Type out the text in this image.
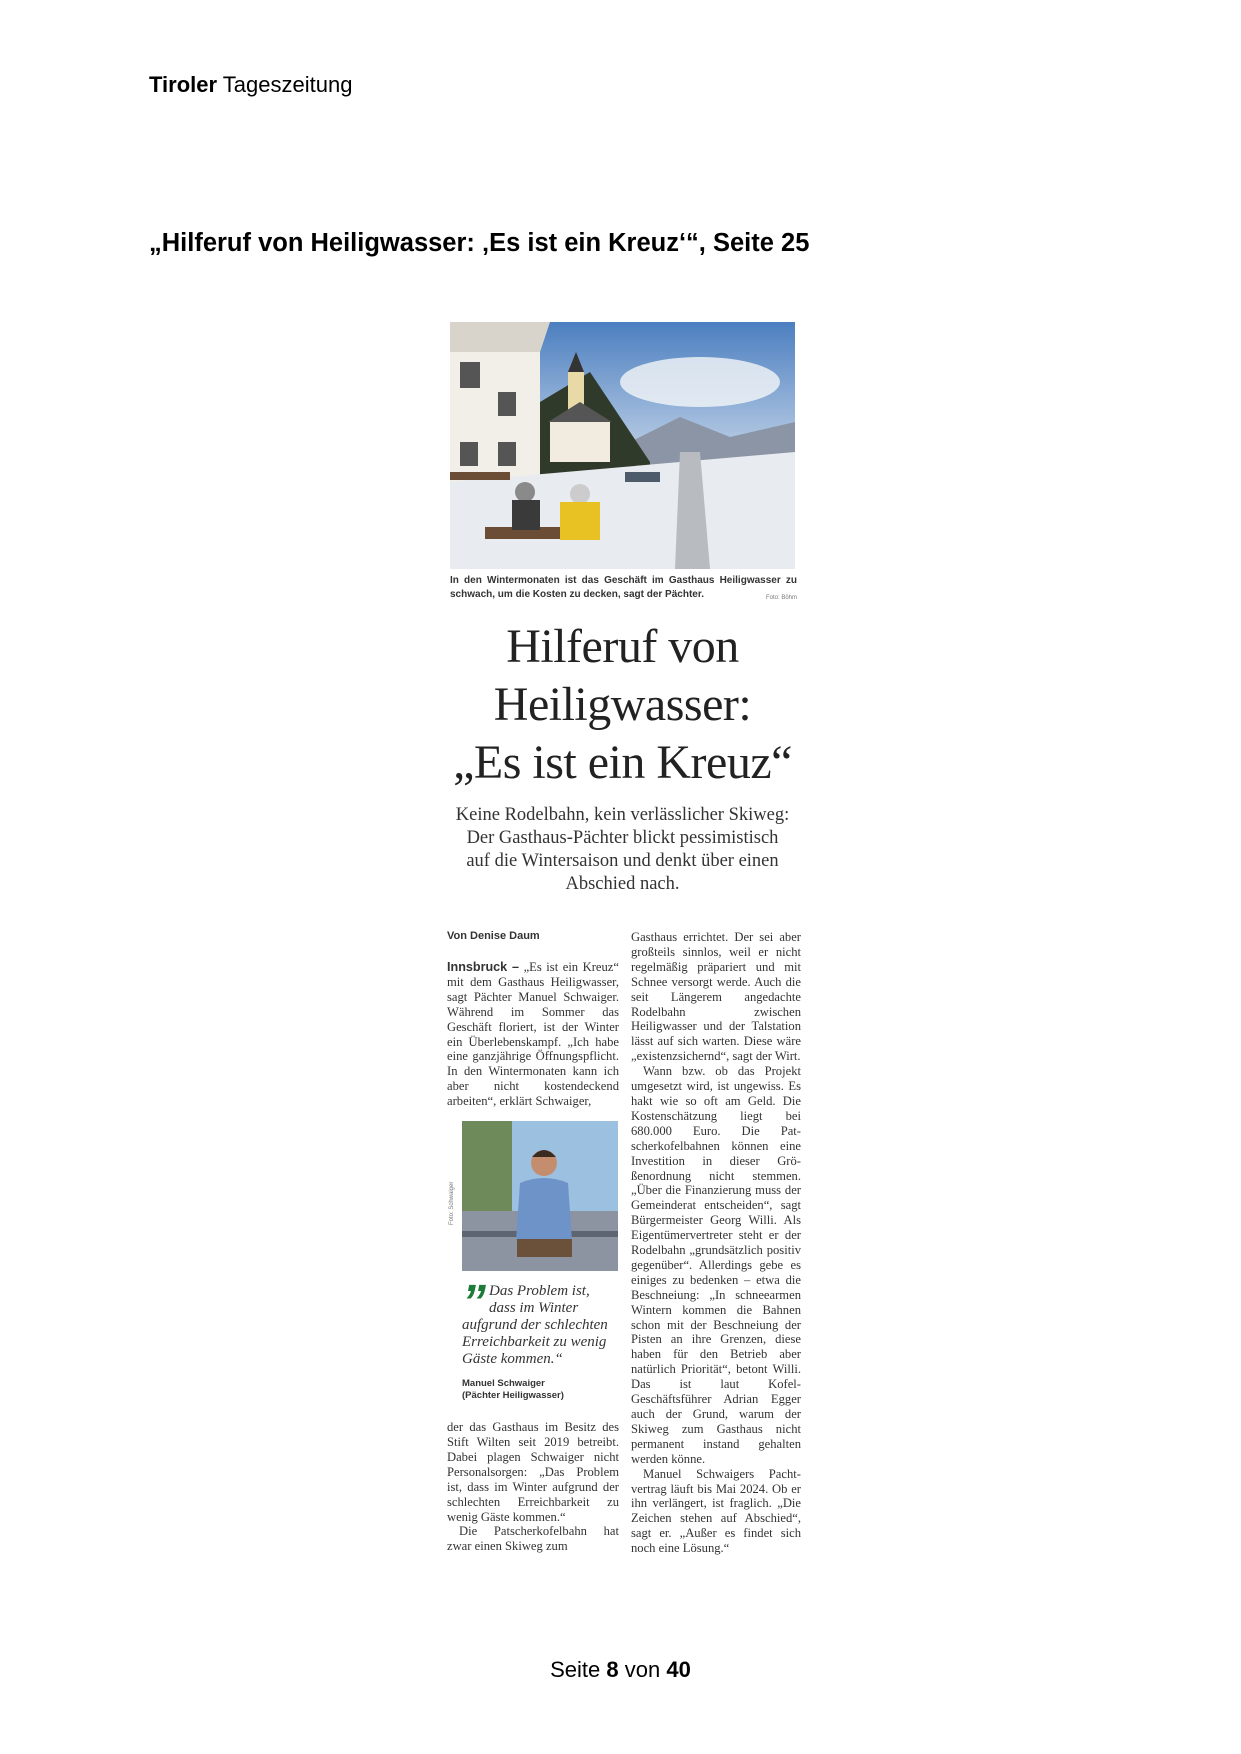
Tiroler Tageszeitung
„Hilferuf von Heiligwasser: ‚Es ist ein Kreuz‘“, Seite 25
In den Wintermonaten ist das Geschäft im Gasthaus Heiligwasser zu schwach, um die Kosten zu decken, sagt der Pächter.	Foto: Böhm
Hilferuf von
Heiligwasser:
„Es ist ein Kreuz“
Keine Rodelbahn, kein verlässlicher Skiweg: Der Gasthaus-Pächter blickt pessimistisch auf die Wintersaison und denkt über einen Abschied nach.
Von Denise Daum

Innsbruck – „Es ist ein Kreuz“ mit dem Gasthaus Heiligwasser, sagt Pächter Manuel Schwaiger. Während im Sommer das Geschäft floriert, ist der Winter ein Überlebenskampf. „Ich habe eine ganzjährige Öffnungspflicht. In den Wintermonaten kann ich aber nicht kostendeckend arbeiten“, erklärt Schwaiger,

Foto: Schwaiger
” Das Problem ist, dass im Winter aufgrund der schlechten Erreichbarkeit zu wenig Gäste kommen.“
Manuel Schwaiger
(Pächter Heiligwasser)

der das Gasthaus im Besitz des Stift Wilten seit 2019 betreibt. Dabei plagen Schwaiger nicht Personalsorgen: „Das Problem ist, dass im Winter aufgrund der schlechten Erreichbarkeit zu wenig Gäste kommen.“

Die Patscherkofelbahn hat zwar einen Skiweg zum

Gasthaus errichtet. Der sei aber großteils sinnlos, weil er nicht regelmäßig präpariert und mit Schnee versorgt werde. Auch die seit Längerem angedachte Rodelbahn zwischen Heiligwasser und der Talstation lässt auf sich warten. Diese wäre „existenzsichernd“, sagt der Wirt.

Wann bzw. ob das Projekt umgesetzt wird, ist ungewiss. Es hakt wie so oft am Geld. Die Kostenschätzung liegt bei 680.000 Euro. Die Patscherkofelbahnen können eine Investition in dieser Größenordnung nicht stemmen. „Über die Finanzierung muss der Gemeinderat entscheiden“, sagt Bürgermeister Georg Willi. Als Eigentümervertreter steht er der Rodelbahn „grundsätzlich positiv gegenüber“. Allerdings gebe es einiges zu bedenken – etwa die Beschneiung: „In schneearmen Wintern kommen die Bahnen schon mit der Beschneiung der Pisten an ihre Grenzen, diese haben für den Betrieb aber natürlich Priorität“, betont Willi. Das ist laut Kofel-Geschäftsführer Adrian Egger auch der Grund, warum der Skiweg zum Gasthaus nicht permanent instand gehalten werden könne.

Manuel Schwaigers Pachtvertrag läuft bis Mai 2024. Ob er ihn verlängert, ist fraglich. „Die Zeichen stehen auf Abschied“, sagt er. „Außer es findet sich noch eine Lösung.“

Seite 8 von 40
